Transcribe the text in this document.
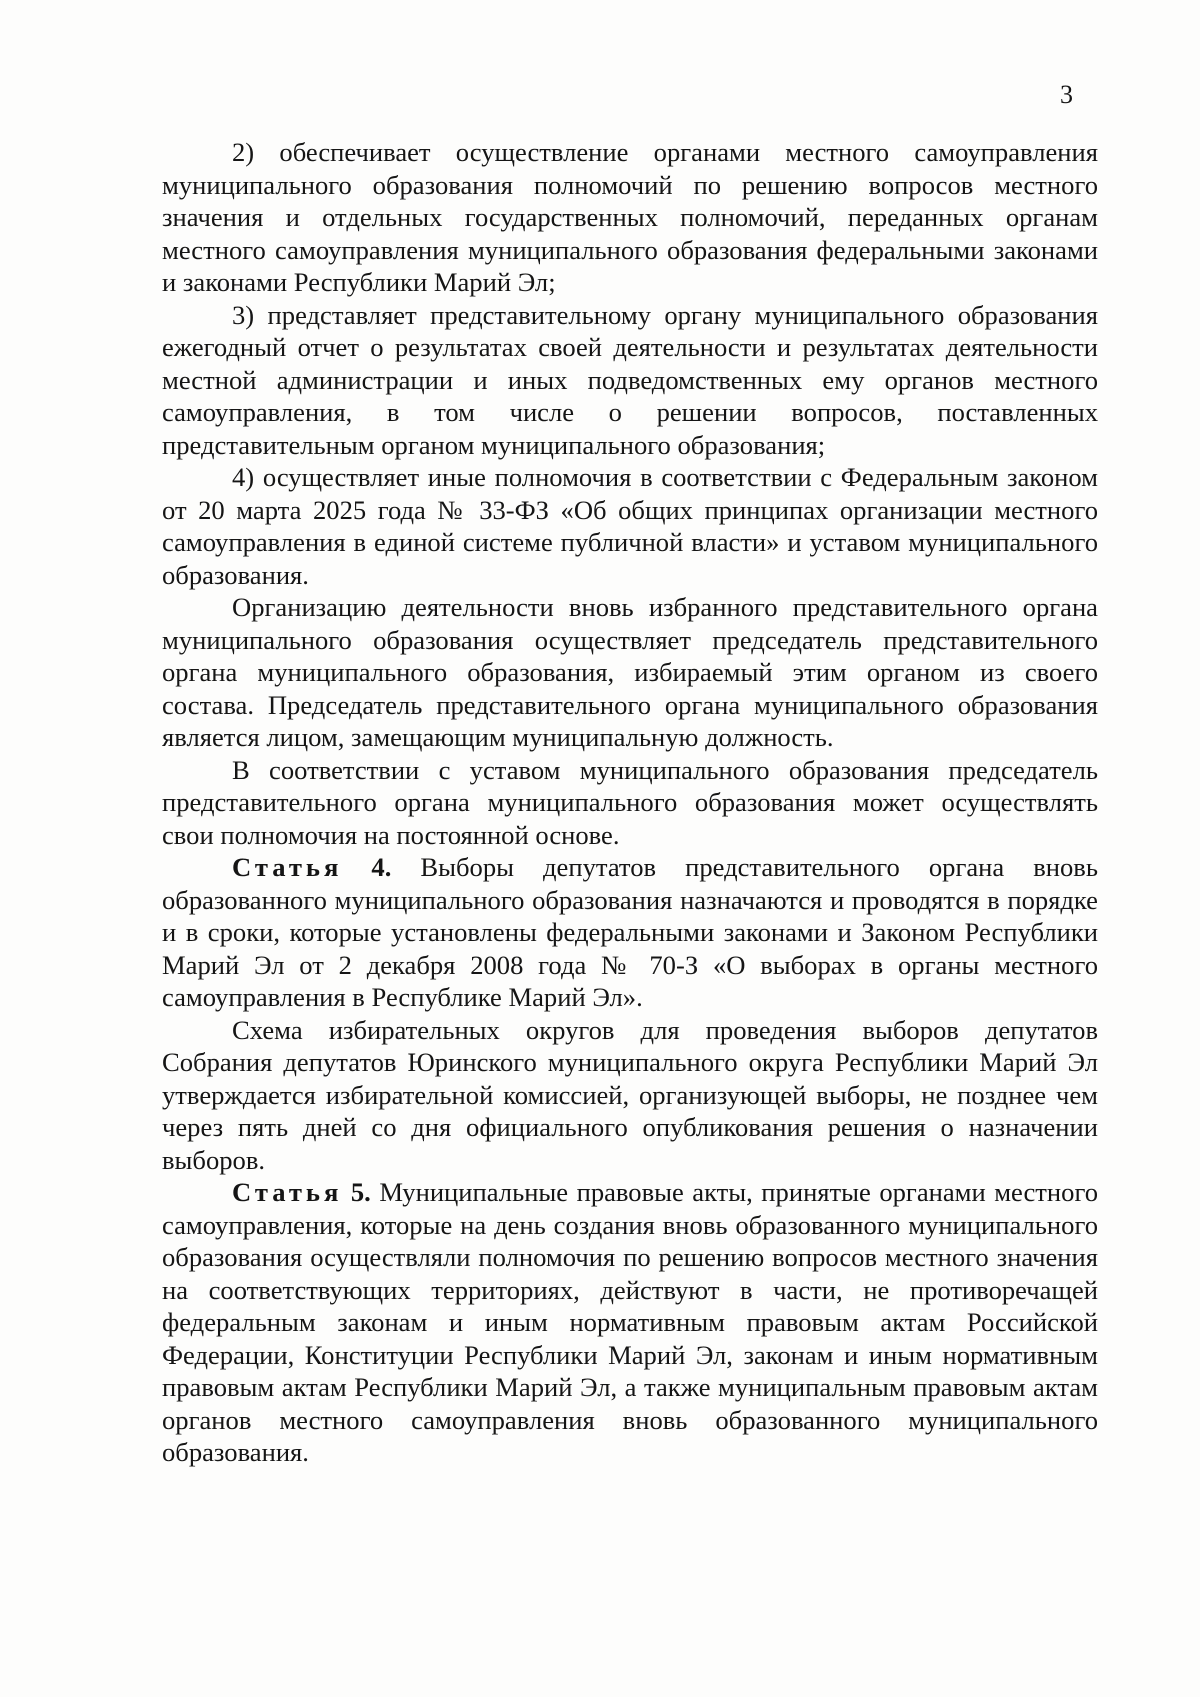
3

2) обеспечивает осуществление органами местного самоуправления муниципального образования полномочий по решению вопросов местного значения и отдельных государственных полномочий, переданных органам местного самоуправления муниципального образования федеральными законами и законами Республики Марий Эл;

3) представляет представительному органу муниципального образования ежегодный отчет о результатах своей деятельности и результатах деятельности местной администрации и иных подведомственных ему органов местного самоуправления, в том числе о решении вопросов, поставленных представительным органом муниципального образования;

4) осуществляет иные полномочия в соответствии с Федеральным законом от 20 марта 2025 года № 33-ФЗ «Об общих принципах организации местного самоуправления в единой системе публичной власти» и уставом муниципального образования.

Организацию деятельности вновь избранного представительного органа муниципального образования осуществляет председатель представительного органа муниципального образования, избираемый этим органом из своего состава. Председатель представительного органа муниципального образования является лицом, замещающим муниципальную должность.

В соответствии с уставом муниципального образования председатель представительного органа муниципального образования может осуществлять свои полномочия на постоянной основе.

Статья 4. Выборы депутатов представительного органа вновь образованного муниципального образования назначаются и проводятся в порядке и в сроки, которые установлены федеральными законами и Законом Республики Марий Эл от 2 декабря 2008 года № 70-З «О выборах в органы местного самоуправления в Республике Марий Эл».

Схема избирательных округов для проведения выборов депутатов Собрания депутатов Юринского муниципального округа Республики Марий Эл утверждается избирательной комиссией, организующей выборы, не позднее чем через пять дней со дня официального опубликования решения о назначении выборов.

Статья 5. Муниципальные правовые акты, принятые органами местного самоуправления, которые на день создания вновь образованного муниципального образования осуществляли полномочия по решению вопросов местного значения на соответствующих территориях, действуют в части, не противоречащей федеральным законам и иным нормативным правовым актам Российской Федерации, Конституции Республики Марий Эл, законам и иным нормативным правовым актам Республики Марий Эл, а также муниципальным правовым актам органов местного самоуправления вновь образованного муниципального образования.
